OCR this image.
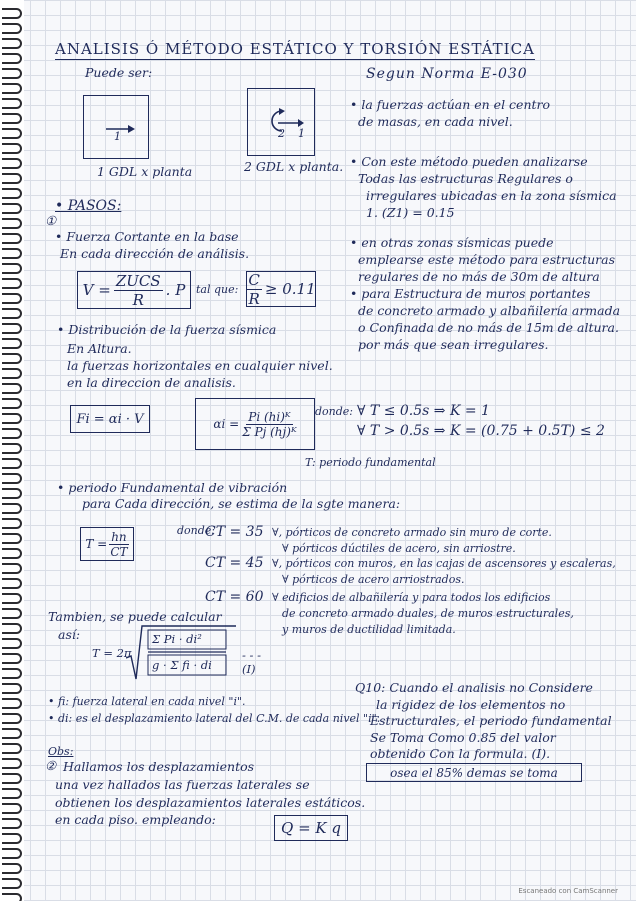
ANALISIS Ó MÉTODO ESTÁTICO Y TORSIÓN ESTÁTICA
Puede ser:
1
1 GDL x planta
2 1
2 GDL x planta.
Segun Norma E-030
• la fuerzas actúan en el centro
de masas, en cada nivel.
• Con este método pueden analizarse
Todas las estructuras Regulares o
irregulares ubicadas en la zona sísmica
1. (Z1) = 0.15
• en otras zonas sísmicas puede
emplearse este método para estructuras
regulares de no más de 30m de altura
• para Estructura de muros portantes
de concreto armado y albañilería armada
o Confinada de no más de 15m de altura.
por más que sean irregulares.
• PASOS:
①
• Fuerza Cortante en la base
En cada dirección de análisis.
$V = \frac{\text{ZUCS}}{R}$ . P tal que: $\frac{C}{R} \ge 0.11$
• Distribución de la fuerza sísmica
En Altura.
la fuerzas horizontales en cualquier nivel.
en la direccion de analisis.
Fi = αi · V	$\alpha i = \frac{\text{Pi (hi)ᴷ}}{\text{Σ Pj (hj)ᴷ}}$ donde: ∀ T ≤ 0.5s ⇒ K = 1
∀ T > 0.5s ⇒ K = (0.75 + 0.5T) ≤ 2
T: periodo fundamental
• periodo Fundamental de vibración
para Cada dirección, se estima de la sgte manera:
$T = \frac{hn}{CT}$	donde:
CT = 35 ∀, pórticos de concreto armado sin muro de corte.
∀ pórticos dúctiles de acero, sin arriostre.
CT = 45 ∀, pórticos con muros, en las cajas de ascensores y escaleras,
∀ pórticos de acero arriostrados.
CT = 60 ∀ edificios de albañilería y para todos los edificios
de concreto armado duales, de muros estructurales,
y muros de ductilidad limitada.
Tambien, se puede calcular
así:
T = 2π
Σ Pi · di²
g · Σ fi · di
- - - (I)
• fi: fuerza lateral en cada nivel "i".
• di: es el desplazamiento lateral del C.M. de cada nivel "i".
Q10: Cuando el analisis no Considere
la rigidez de los elementos no
Estructurales, el periodo fundamental
Se Toma Como 0.85 del valor
obtenido Con la formula. (I).
osea el 85% demas se toma
Obs:
② Hallamos los desplazamientos
una vez hallados las fuerzas laterales se
obtienen los desplazamientos laterales estáticos.
en cada piso. empleando:	Q = K q
Escaneado con CamScanner
